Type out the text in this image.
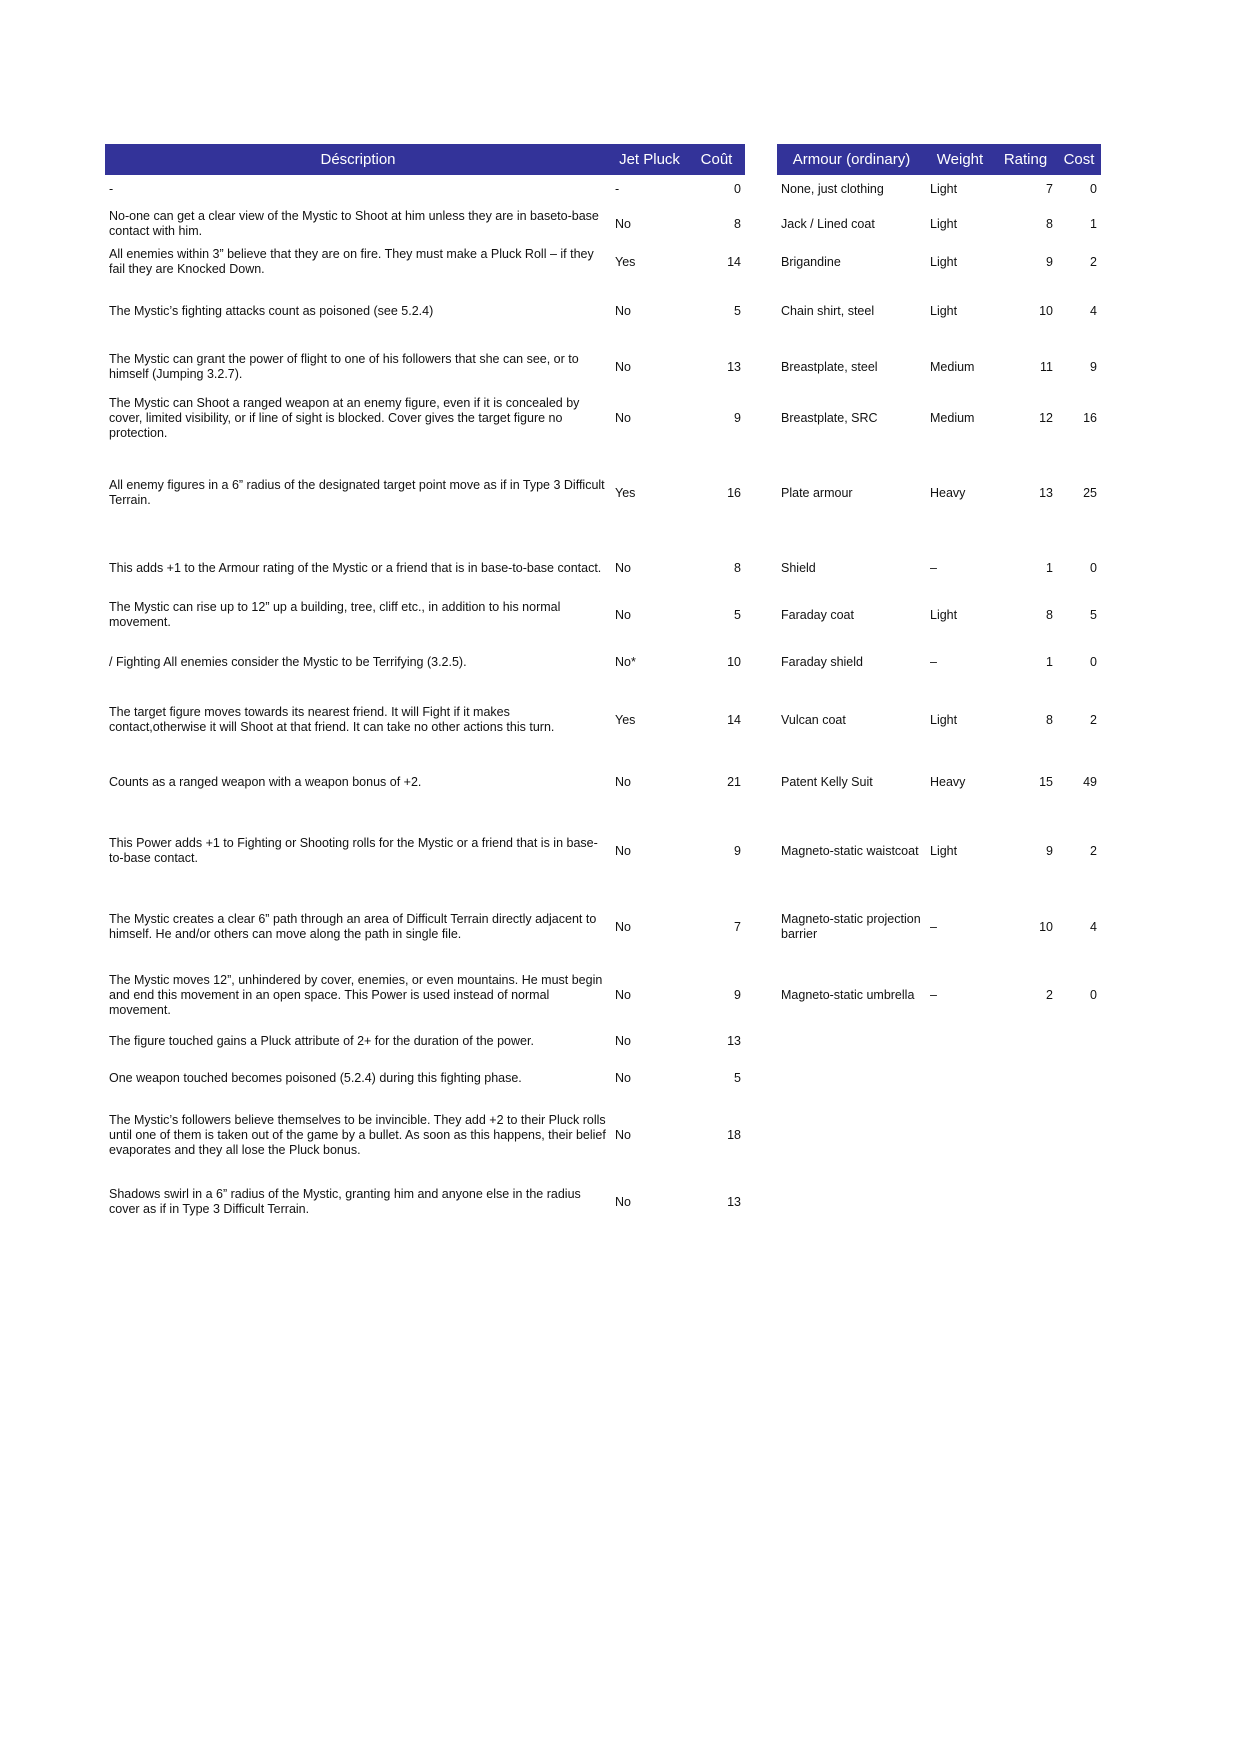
Déscription	Jet Pluck	Coût
-	-	0
No-one can get a clear view of the Mystic to Shoot at him unless they are in baseto-base contact with him.	No	8
All enemies within 3” believe that they are on fire. They must make a Pluck Roll – if they fail they are Knocked Down.	Yes	14
The Mystic’s fighting attacks count as poisoned (see 5.2.4)	No	5
The Mystic can grant the power of flight to one of his followers that she can see, or to himself (Jumping 3.2.7).	No	13
The Mystic can Shoot a ranged weapon at an enemy figure, even if it is concealed by cover, limited visibility, or if line of sight is blocked. Cover gives the target figure no protection.	No	9
All enemy figures in a 6” radius of the designated target point move as if in Type 3 Difficult Terrain.	Yes	16
This adds +1 to the Armour rating of the Mystic or a friend that is in base-to-base contact.	No	8
The Mystic can rise up to 12” up a building, tree, cliff etc., in addition to his normal movement.	No	5
/ Fighting All enemies consider the Mystic to be Terrifying (3.2.5).	No*	10
The target figure moves towards its nearest friend. It will Fight if it makes contact,otherwise it will Shoot at that friend. It can take no other actions this turn.	Yes	14
Counts as a ranged weapon with a weapon bonus of +2.	No	21
This Power adds +1 to Fighting or Shooting rolls for the Mystic or a friend that is in base-to-base contact.	No	9
The Mystic creates a clear 6” path through an area of Difficult Terrain directly adjacent to himself. He and/or others can move along the path in single file.	No	7
The Mystic moves 12”, unhindered by cover, enemies, or even mountains. He must begin and end this movement in an open space. This Power is used instead of normal movement.	No	9
The figure touched gains a Pluck attribute of 2+ for the duration of the power.	No	13
One weapon touched becomes poisoned (5.2.4) during this fighting phase.	No	5
The Mystic’s followers believe themselves to be invincible. They add +2 to their Pluck rolls until one of them is taken out of the game by a bullet. As soon as this happens, their belief evaporates and they all lose the Pluck bonus.	No	18
Shadows swirl in a 6” radius of the Mystic, granting him and anyone else in the radius cover as if in Type 3 Difficult Terrain.	No	13
Armour (ordinary)	Weight	Rating	Cost
None, just clothing	Light	7	0
Jack / Lined coat	Light	8	1
Brigandine	Light	9	2
Chain shirt, steel	Light	10	4
Breastplate, steel	Medium	11	9
Breastplate, SRC	Medium	12	16
Plate armour	Heavy	13	25
Shield	–	1	0
Faraday coat	Light	8	5
Faraday shield	–	1	0
Vulcan coat	Light	8	2
Patent Kelly Suit	Heavy	15	49
Magneto-static waistcoat	Light	9	2
Magneto-static projection barrier	–	10	4
Magneto-static umbrella	–	2	0
